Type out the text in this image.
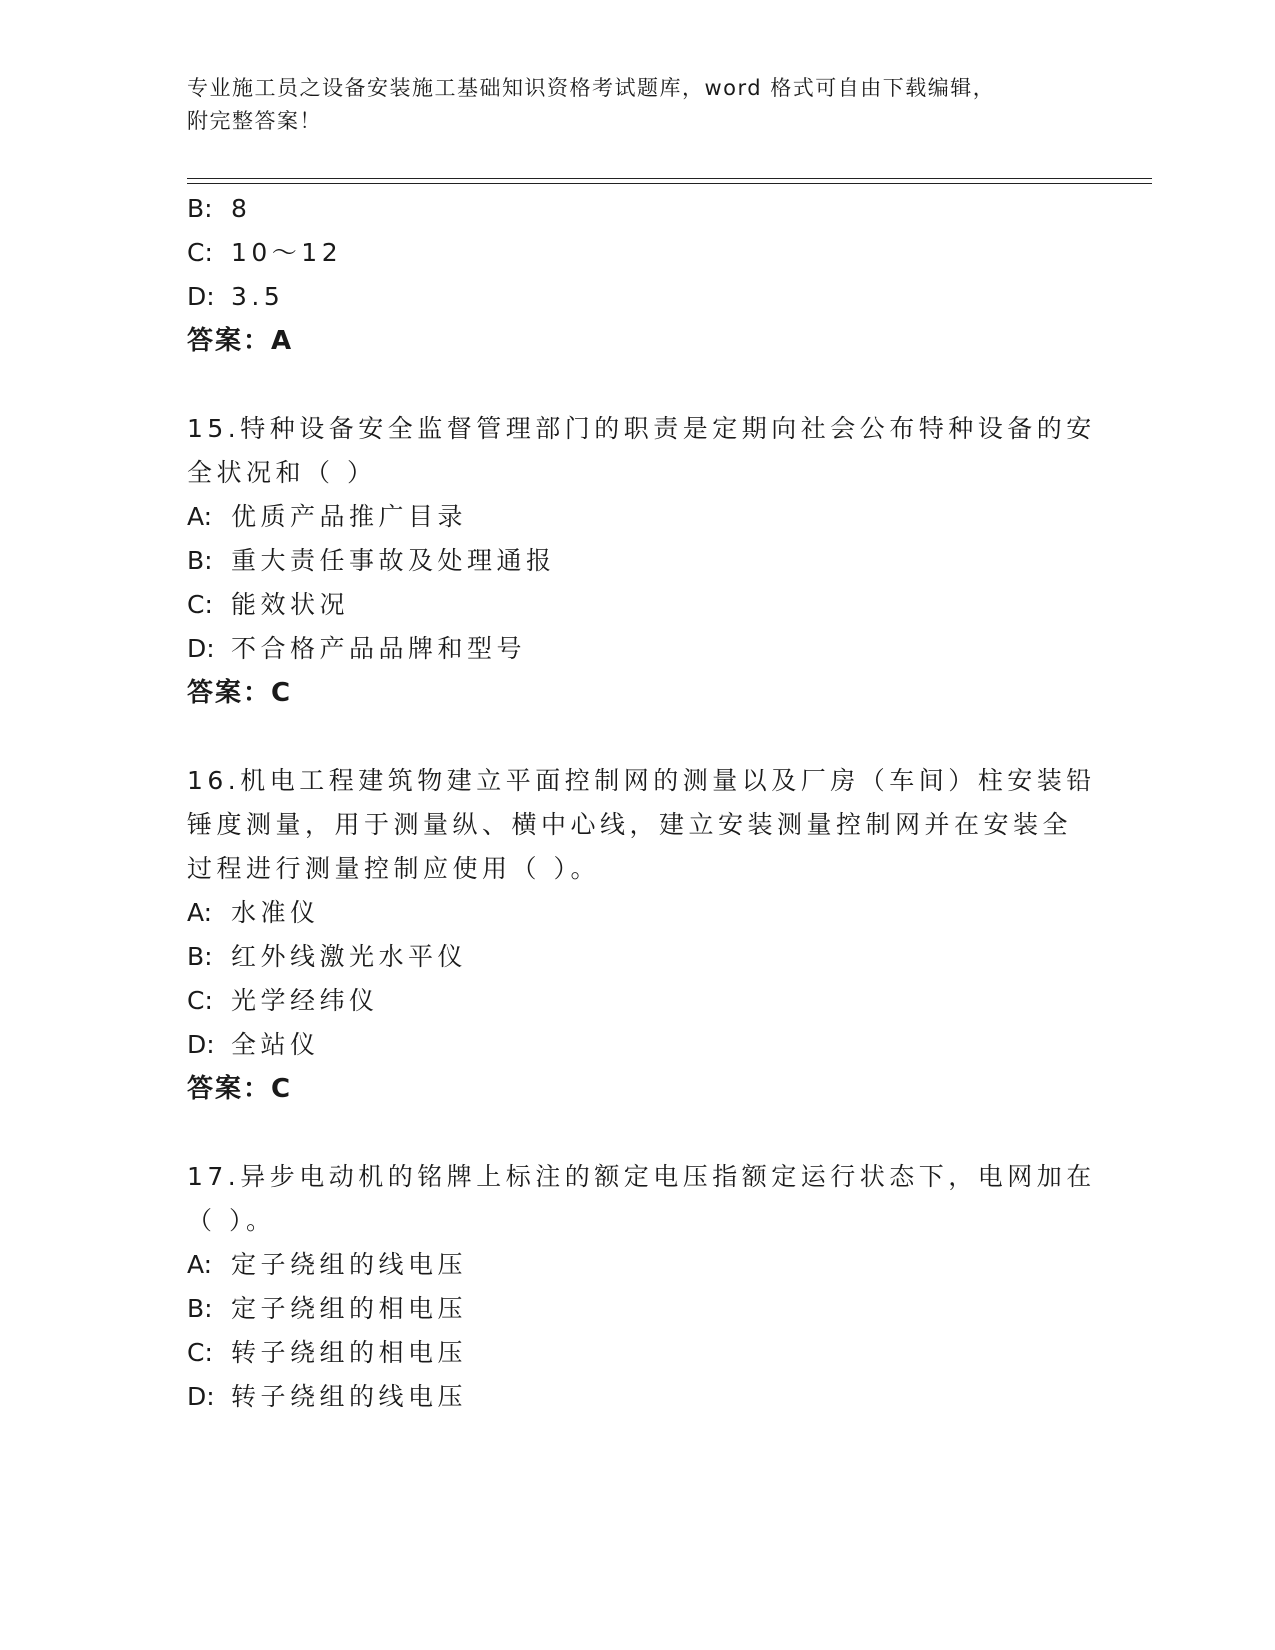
专业施工员之设备安装施工基础知识资格考试题库，word 格式可自由下载编辑，
附完整答案！
B: 8
C: 10～12
D: 3.5
答案：A
15.特种设备安全监督管理部门的职责是定期向社会公布特种设备的安
全状况和（ ）
A: 优质产品推广目录
B: 重大责任事故及处理通报
C: 能效状况
D: 不合格产品品牌和型号
答案：C
16.机电工程建筑物建立平面控制网的测量以及厂房（车间）柱安装铅
锤度测量，用于测量纵、横中心线，建立安装测量控制网并在安装全
过程进行测量控制应使用（ ）。
A: 水准仪
B: 红外线激光水平仪
C: 光学经纬仪
D: 全站仪
答案：C
17.异步电动机的铭牌上标注的额定电压指额定运行状态下，电网加在
（ ）。
A: 定子绕组的线电压
B: 定子绕组的相电压
C: 转子绕组的相电压
D: 转子绕组的线电压
